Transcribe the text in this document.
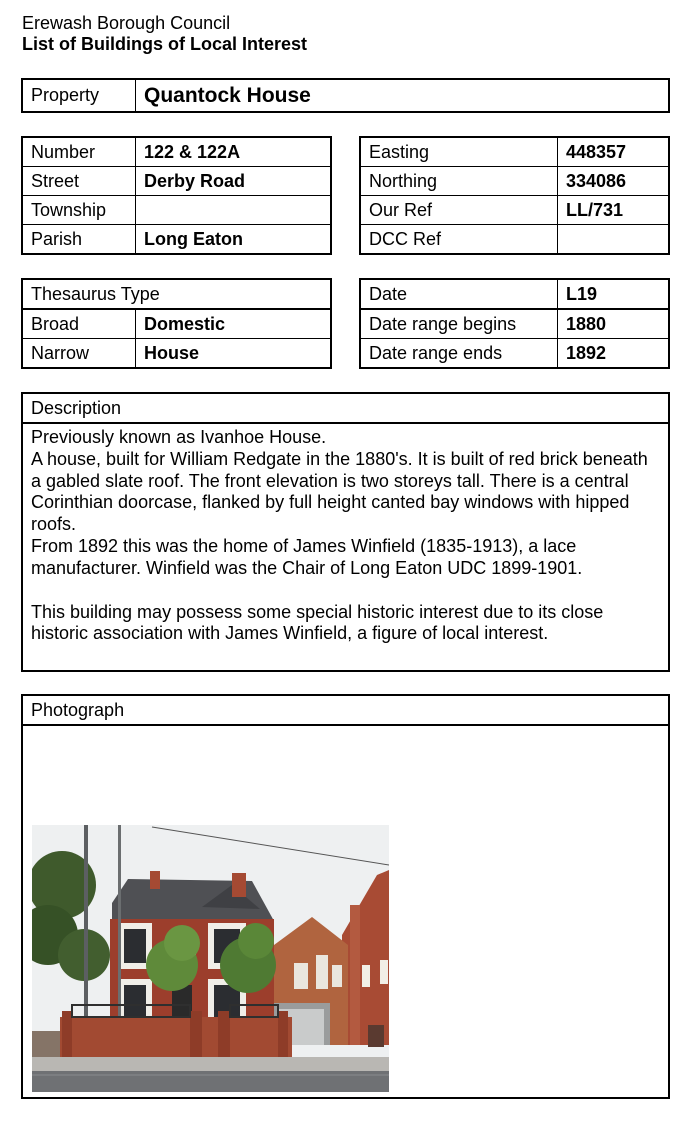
Erewash Borough Council
List of Buildings of Local Interest
Property	Quantock House
Number	122 & 122A
Street	Derby Road
Township	
Parish	Long Eaton
Easting	448357
Northing	334086
Our Ref	LL/731
DCC Ref	
Thesaurus Type	
Broad	Domestic
Narrow	House
Date	L19
Date range begins	1880
Date range ends	1892
Description

Previously known as Ivanhoe House.

A house, built for William Redgate in the 1880's. It is built of red brick beneath a gabled slate roof. The front elevation is two storeys tall. There is a central Corinthian doorcase, flanked by full height canted bay windows with hipped roofs.

From 1892 this was the home of James Winfield (1835-1913), a lace manufacturer. Winfield was the Chair of Long Eaton UDC 1899-1901.

This building may possess some special historic interest due to its close historic association with James Winfield, a figure of local interest.

Photograph
